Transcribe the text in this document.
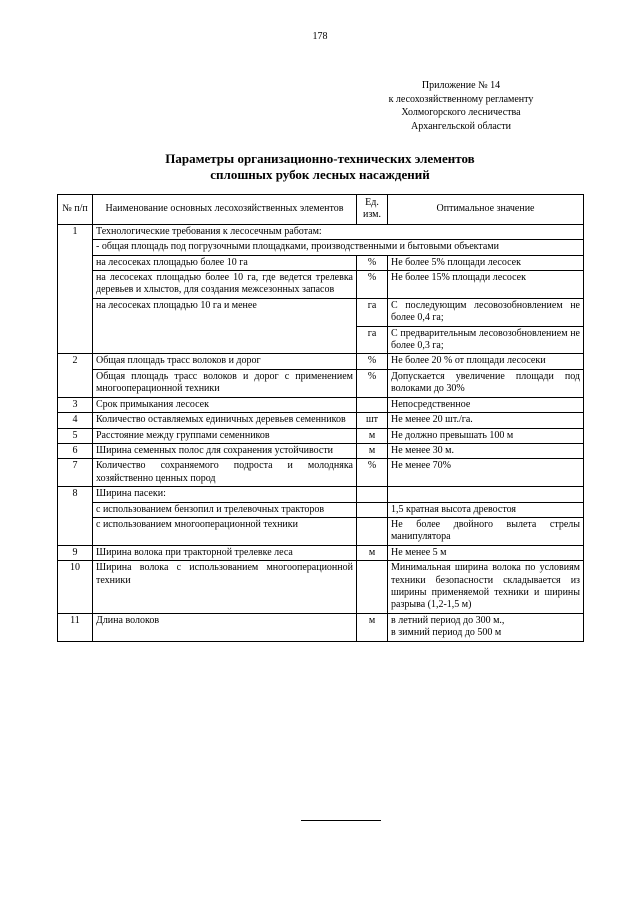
178
Приложение № 14
к лесохозяйственному регламенту
Холмогорского лесничества
Архангельской области
Параметры организационно-технических элементов
сплошных рубок лесных насаждений
№ п/п	Наименование основных лесохозяйственных элементов	Ед. изм.	Оптимальное значение
1	Технологические требования к лесосечным работам:		
	- общая площадь под погрузочными площадками, производственными и бытовыми объектами		
	на лесосеках площадью более 10 га	%	Не более 5% площади лесосек
	на лесосеках площадью более 10 га, где ведется трелевка деревьев и хлыстов, для создания межсезонных запасов	%	Не более 15% площади лесосек
	на лесосеках площадью 10 га и менее	га	С последующим лесовозобновлением не более 0,4 га;
		га	С предварительным лесовозобновлением не более 0,3 га;
2	Общая площадь трасс волоков и дорог	%	Не более 20 % от площади лесосеки
	Общая площадь трасс волоков и дорог с применением многооперационной техники	%	Допускается увеличение площади под волоками до 30%
3	Срок примыкания лесосек		Непосредственное
4	Количество оставляемых единичных деревьев семенников	шт	Не менее 20 шт./га.
5	Расстояние между группами семенников	м	Не должно превышать 100 м
6	Ширина семенных полос для сохранения устойчивости	м	Не менее 30 м.
7	Количество сохраняемого подроста и молодняка хозяйственно ценных пород	%	Не менее 70%
8	Ширина пасеки:		
	с использованием бензопил и трелевочных тракторов		1,5 кратная высота древостоя
	с использованием многооперационной техники		Не более двойного вылета стрелы манипулятора
9	Ширина волока при тракторной трелевке леса	м	Не менее 5 м
10	Ширина волока с использованием многооперационной техники		Минимальная ширина волока по условиям техники безопасности складывается из ширины применяемой техники и ширины разрыва (1,2-1,5 м)
11	Длина волоков	м	в летний период до 300 м.,
в зимний период до 500 м
